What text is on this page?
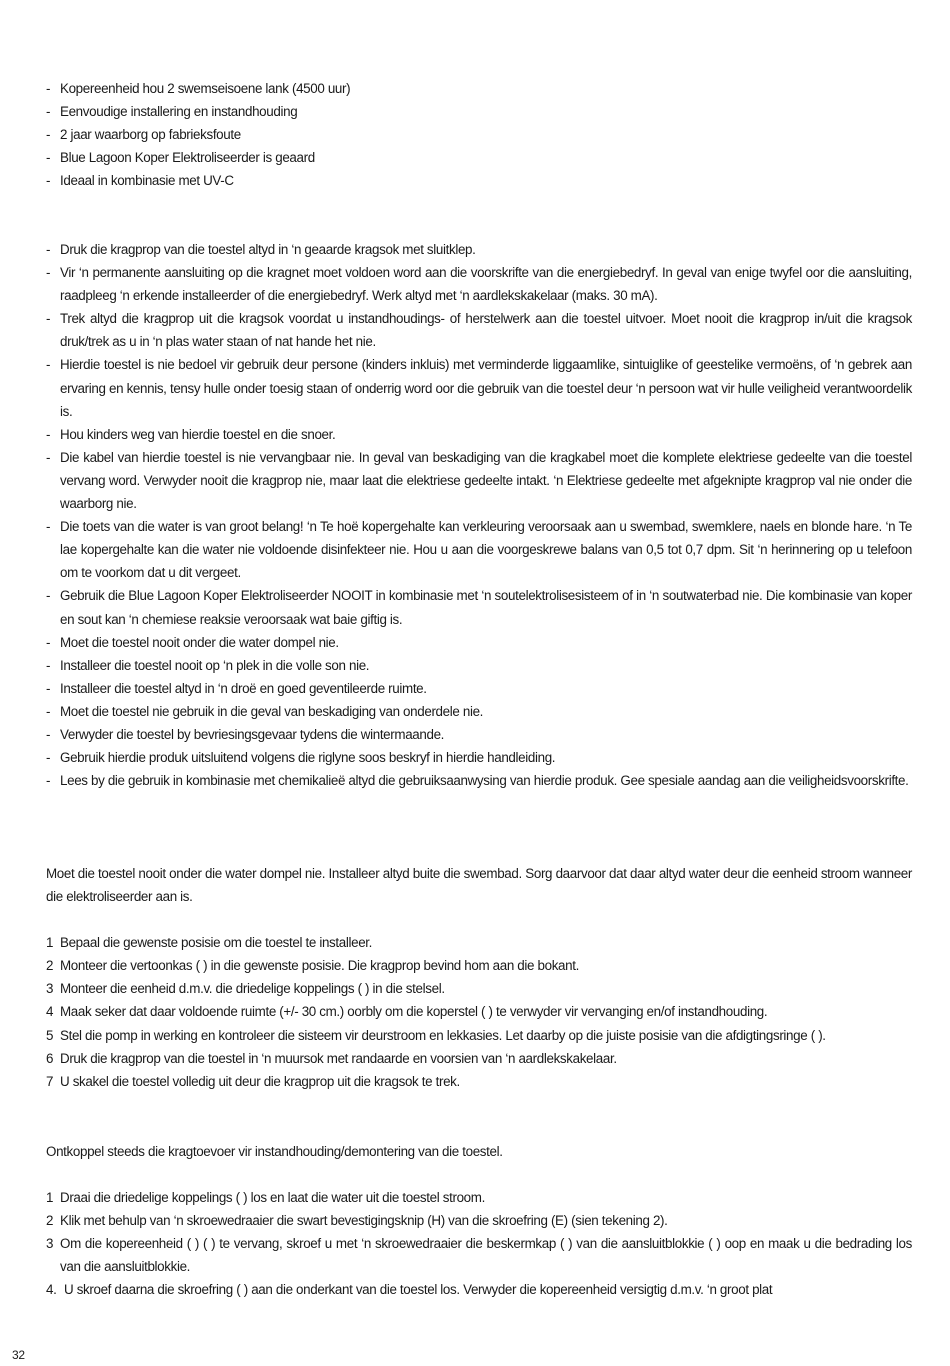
- Kopereenheid hou 2 swemseisoene lank (4500 uur)
- Eenvoudige installering en instandhouding
- 2 jaar waarborg op fabrieksfoute
- Blue Lagoon Koper Elektroliseerder is geaard
- Ideaal in kombinasie met UV-C
- Druk die kragprop van die toestel altyd in ‘n geaarde kragsok met sluitklep.
- Vir ‘n permanente aansluiting op die kragnet moet voldoen word aan die voorskrifte van die energiebedryf. In geval van enige twyfel oor die aansluiting, raadpleeg ‘n erkende installeerder of die energiebedryf. Werk altyd met ‘n aardlekskakelaar (maks. 30 mA).
- Trek altyd die kragprop uit die kragsok voordat u instandhoudings- of herstelwerk aan die toestel uitvoer. Moet nooit die kragprop in/uit die kragsok druk/trek as u in ‘n plas water staan of nat hande het nie.
- Hierdie toestel is nie bedoel vir gebruik deur persone (kinders inkluis) met verminderde liggaamlike, sintuiglike of geestelike vermoëns, of ‘n gebrek aan ervaring en kennis, tensy hulle onder toesig staan of onderrig word oor die gebruik van die toestel deur ‘n persoon wat vir hulle veiligheid verantwoordelik is.
- Hou kinders weg van hierdie toestel en die snoer.
- Die kabel van hierdie toestel is nie vervangbaar nie. In geval van beskadiging van die kragkabel moet die komplete elektriese gedeelte van die toestel vervang word. Verwyder nooit die kragprop nie, maar laat die elektriese gedeelte intakt. ‘n Elektriese gedeelte met afgeknipte kragprop val nie onder die waarborg nie.
- Die toets van die water is van groot belang! ‘n Te hoë kopergehalte kan verkleuring veroorsaak aan u swembad, swemklere, naels en blonde hare. ‘n Te lae kopergehalte kan die water nie voldoende disinfekteer nie. Hou u aan die voorgeskrewe balans van 0,5 tot 0,7 dpm. Sit ‘n herinnering op u telefoon om te voorkom dat u dit vergeet.
- Gebruik die Blue Lagoon Koper Elektroliseerder NOOIT in kombinasie met ‘n soutelektrolisesisteem of in ‘n soutwaterbad nie. Die kombinasie van koper en sout kan ‘n chemiese reaksie veroorsaak wat baie giftig is.
- Moet die toestel nooit onder die water dompel nie.
- Installeer die toestel nooit op ‘n plek in die volle son nie.
- Installeer die toestel altyd in ‘n droë en goed geventileerde ruimte.
- Moet die toestel nie gebruik in die geval van beskadiging van onderdele nie.
- Verwyder die toestel by bevriesingsgevaar tydens die wintermaande.
- Gebruik hierdie produk uitsluitend volgens die riglyne soos beskryf in hierdie handleiding.
- Lees by die gebruik in kombinasie met chemikalieë altyd die gebruiksaanwysing van hierdie produk. Gee spesiale aandag aan die veiligheidsvoorskrifte.

Moet die toestel nooit onder die water dompel nie. Installeer altyd buite die swembad. Sorg daarvoor dat daar altyd water deur die eenheid stroom wanneer die elektroliseerder aan is.

1 Bepaal die gewenste posisie om die toestel te installeer.
2 Monteer die vertoonkas ( ) in die gewenste posisie. Die kragprop bevind hom aan die bokant.
3 Monteer die eenheid d.m.v. die driedelige koppelings ( ) in die stelsel.
4 Maak seker dat daar voldoende ruimte (+/- 30 cm.) oorbly om die koperstel ( ) te verwyder vir vervanging en/of instandhouding.
5 Stel die pomp in werking en kontroleer die sisteem vir deurstroom en lekkasies. Let daarby op die juiste posisie van die afdigtingsringe ( ).
6 Druk die kragprop van die toestel in ‘n muursok met randaarde en voorsien van ‘n aardlekskakelaar.
7 U skakel die toestel volledig uit deur die kragprop uit die kragsok te trek.

Ontkoppel steeds die kragtoevoer vir instandhouding/demontering van die toestel.

1 Draai die driedelige koppelings ( ) los en laat die water uit die toestel stroom.
2 Klik met behulp van ‘n skroewedraaier die swart bevestigingsknip (H) van die skroefring (E) (sien tekening 2).
3 Om die kopereenheid ( ) ( ) te vervang, skroef u met ‘n skroewedraaier die beskermkap ( ) van die aansluitblokkie ( ) oop en maak u die bedrading los van die aansluitblokkie.
4. U skroef daarna die skroefring ( ) aan die onderkant van die toestel los. Verwyder die kopereenheid versigtig d.m.v. ‘n groot plat
32
